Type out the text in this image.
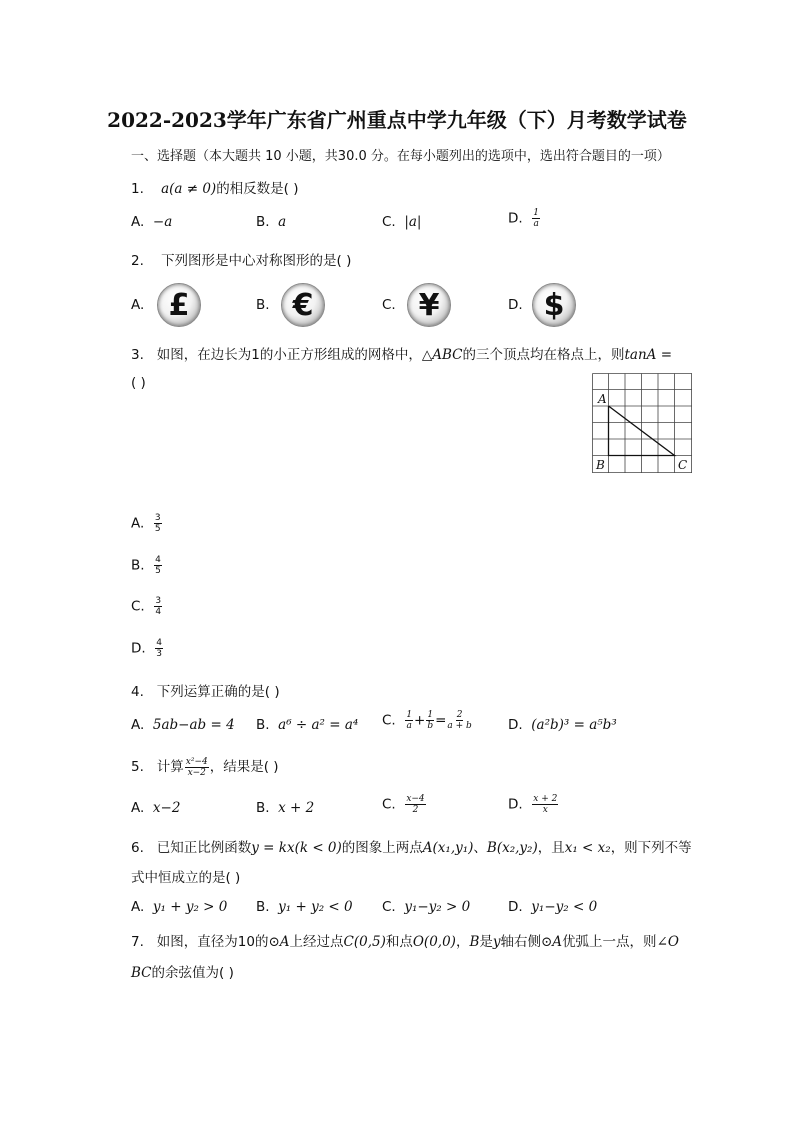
2022-2023学年广东省广州重点中学九年级（下）月考数学试卷
一、选择题（本大题共 10 小题，共30.0 分。在每小题列出的选项中，选出符合题目的一项）
1. a(a ≠ 0)的相反数是( )
A. −a	B. a	C. |a|	D. $\frac{1}{a}$
2. 下列图形是中心对称图形的是( )
A. £	B. €	C. ¥	D. $
3. 如图，在边长为1的小正方形组成的网格中，△ABC的三个顶点均在格点上，则tanA =
( )
A
B	C
A. $\frac{3}{5}$
B. $\frac{4}{5}$
C. $\frac{3}{4}$
D. $\frac{4}{3}$
4. 下列运算正确的是( )
A. 5ab−ab = 4 B. a⁶ ÷ a² = a⁴ C. $\frac{1}{a} + \frac{1}{b} = \frac{2}{a + b}$	D. (a²b)³ = a⁵b³
5. 计算 $\frac{\text{x²−4}}{x-2}$ ，结果是( )
A. x−2	B. x + 2	C. $\frac{x-4}{2}$	D. $\frac{x + 2}{x}$
6. 已知正比例函数y = kx(k < 0)的图象上两点A(x₁,y₁)、B(x₂,y₂)，且x₁ < x₂，则下列不等
式中恒成立的是( )
A. y₁ + y₂ > 0 B. y₁ + y₂ < 0 C. y₁−y₂ > 0	D. y₁−y₂ < 0
7. 如图，直径为10的⊙A上经过点C(0,5)和点O(0,0)，B是y轴右侧⊙A优弧上一点，则∠O
BC的余弦值为( )
